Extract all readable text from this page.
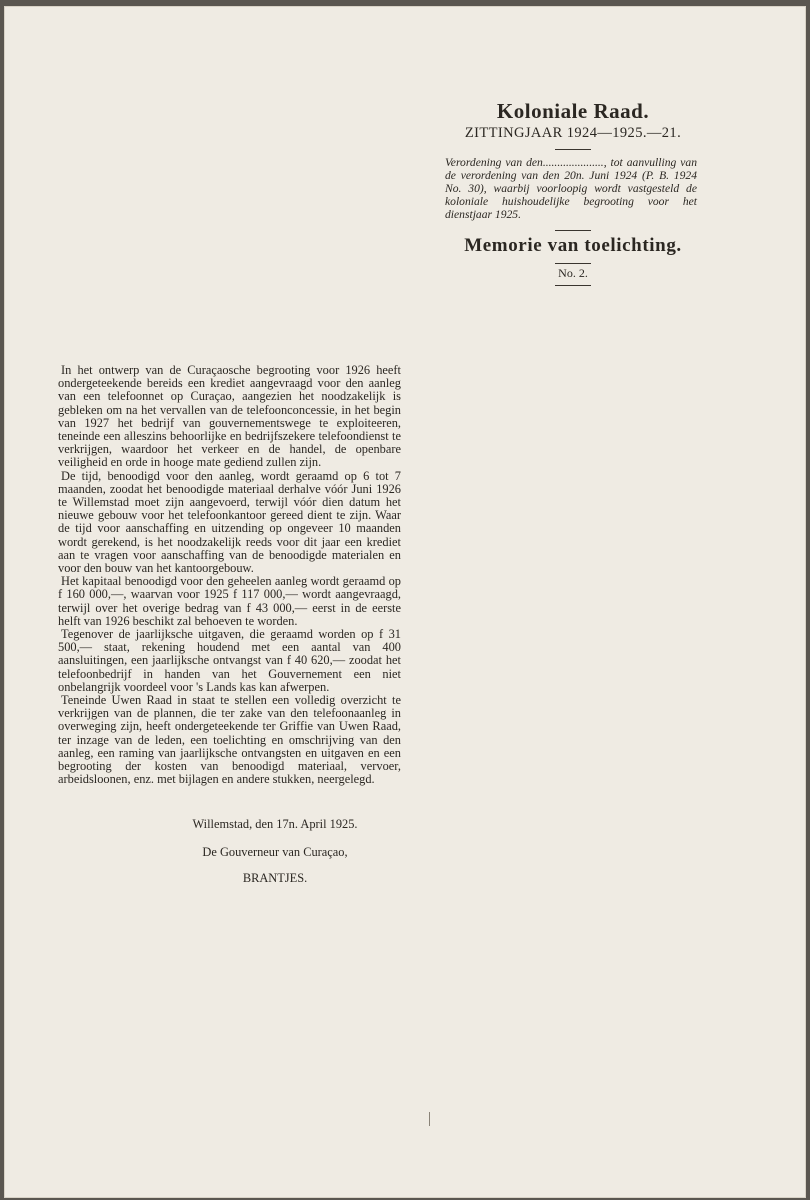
Koloniale Raad.

ZITTINGJAAR 1924—1925.—21.

Verordening van den....................., tot aanvulling van de verordening van den 20n. Juni 1924 (P. B. 1924 No. 30), waarbij voorloopig wordt vastgesteld de koloniale huishoudelijke begrooting voor het dienstjaar 1925.

Memorie van toelichting.

No. 2.

In het ontwerp van de Curaçaosche begrooting voor 1926 heeft ondergeteekende bereids een krediet aangevraagd voor den aanleg van een telefoonnet op Curaçao, aangezien het noodzakelijk is gebleken om na het vervallen van de telefoonconcessie, in het begin van 1927 het bedrijf van gouvernementswege te exploiteeren, teneinde een alleszins behoorlijke en bedrijfszekere telefoondienst te verkrijgen, waardoor het verkeer en de handel, de openbare veiligheid en orde in hooge mate gediend zullen zijn.

De tijd, benoodigd voor den aanleg, wordt geraamd op 6 tot 7 maanden, zoodat het benoodigde materiaal derhalve vóór Juni 1926 te Willemstad moet zijn aangevoerd, terwijl vóór dien datum het nieuwe gebouw voor het telefoonkantoor gereed dient te zijn. Waar de tijd voor aanschaffing en uitzending op ongeveer 10 maanden wordt gerekend, is het noodzakelijk reeds voor dit jaar een krediet aan te vragen voor aanschaffing van de benoodigde materialen en voor den bouw van het kantoorgebouw.

Het kapitaal benoodigd voor den geheelen aanleg wordt geraamd op f 160 000,—, waarvan voor 1925 f 117 000,— wordt aangevraagd, terwijl over het overige bedrag van f 43 000,— eerst in de eerste helft van 1926 beschikt zal behoeven te worden.

Tegenover de jaarlijksche uitgaven, die geraamd worden op f 31 500,— staat, rekening houdend met een aantal van 400 aansluitingen, een jaarlijksche ontvangst van f 40 620,— zoodat het telefoonbedrijf in handen van het Gouvernement een niet onbelangrijk voordeel voor 's Lands kas kan afwerpen.

Teneinde Uwen Raad in staat te stellen een volledig overzicht te verkrijgen van de plannen, die ter zake van den telefoonaanleg in overweging zijn, heeft ondergeteekende ter Griffie van Uwen Raad, ter inzage van de leden, een toelichting en omschrijving van den aanleg, een raming van jaarlijksche ontvangsten en uitgaven en een begrooting der kosten van benoodigd materiaal, vervoer, arbeidsloonen, enz. met bijlagen en andere stukken, neergelegd.

Willemstad, den 17n. April 1925.

De Gouverneur van Curaçao,

BRANTJES.
